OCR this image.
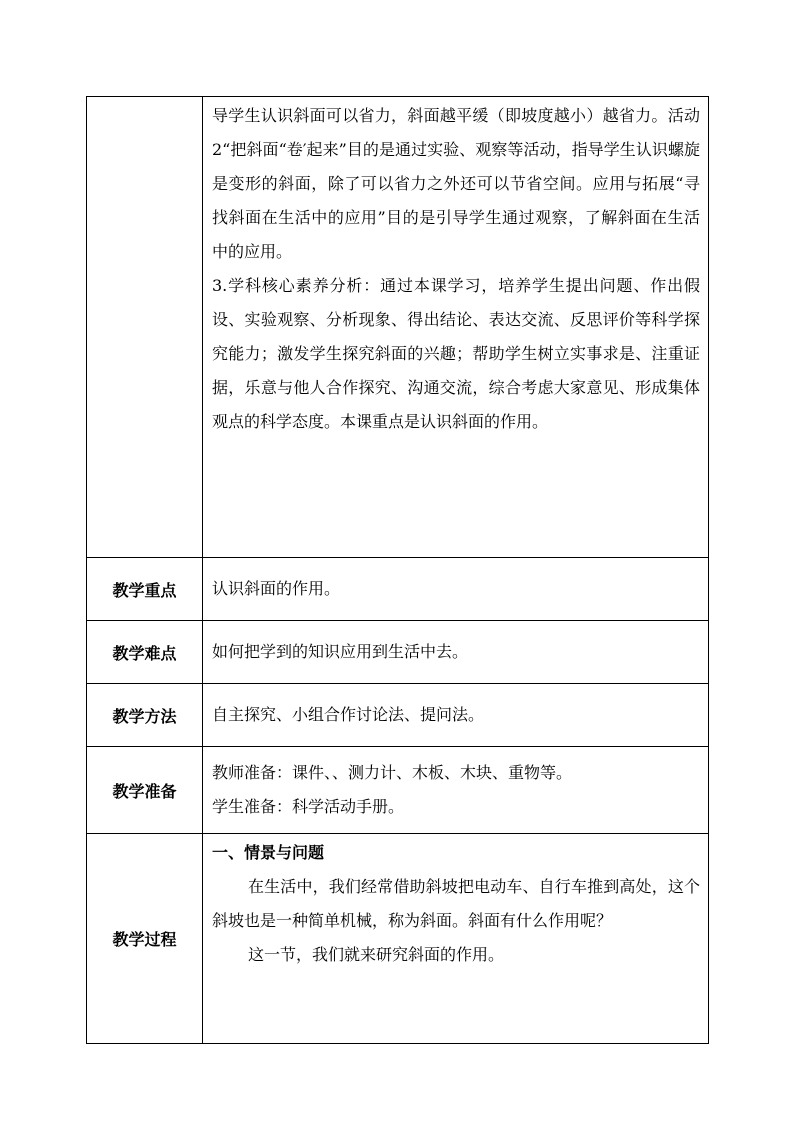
	导学生认识斜面可以省力，斜面越平缓（即坡度越小）越省力。活动2“把斜面“卷′起来”目的是通过实验、观察等活动，指导学生认识螺旋是变形的斜面，除了可以省力之外还可以节省空间。应用与拓展“寻找斜面在生活中的应用”目的是引导学生通过观察，了解斜面在生活中的应用。

3.学科核心素养分析：通过本课学习，培养学生提出问题、作出假设、实验观察、分析现象、得出结论、表达交流、反思评价等科学探究能力；激发学生探究斜面的兴趣；帮助学生树立实事求是、注重证据，乐意与他人合作探究、沟通交流，综合考虑大家意见、形成集体观点的科学态度。本课重点是认识斜面的作用。

教学重点	认识斜面的作用。
教学难点	如何把学到的知识应用到生活中去。
教学方法	自主探究、小组合作讨论法、提问法。
教学准备	教师准备：课件、、测力计、木板、木块、重物等。

学生准备：科学活动手册。

教学过程	一、情景与问题

在生活中，我们经常借助斜坡把电动车、自行车推到高处，这个斜坡也是一种简单机械，称为斜面。斜面有什么作用呢？

这一节，我们就来研究斜面的作用。
